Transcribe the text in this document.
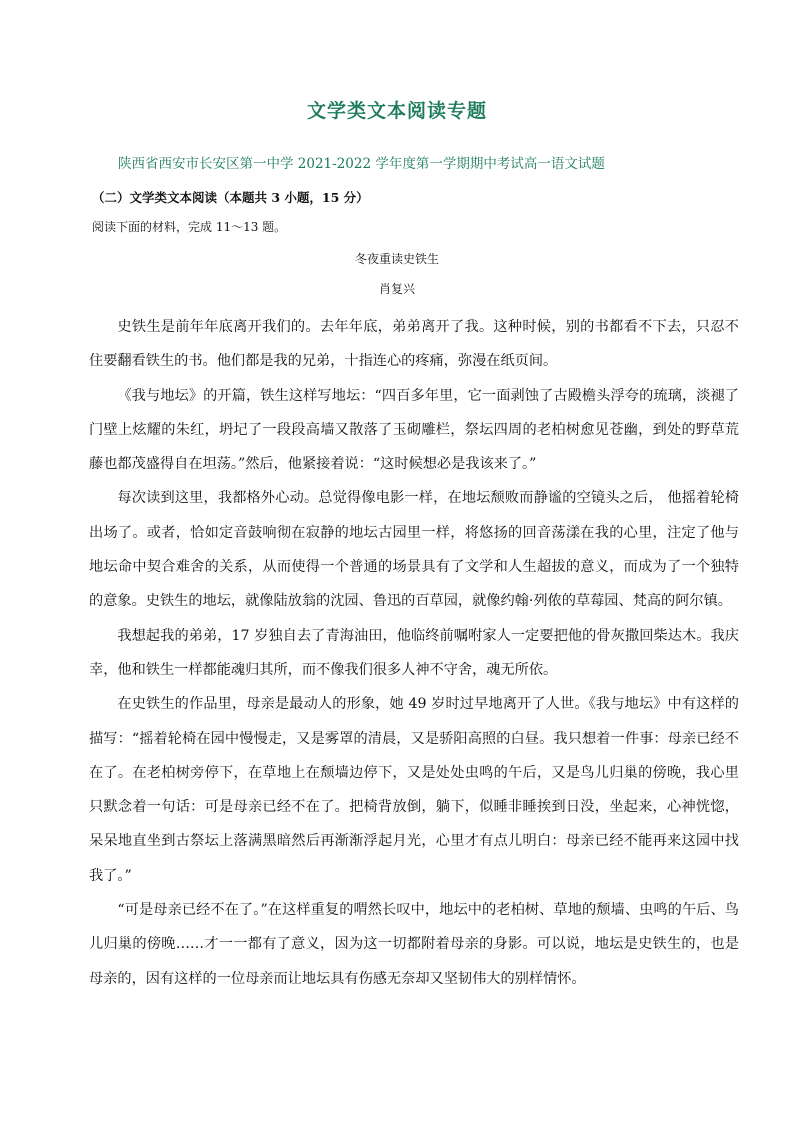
文学类文本阅读专题
陕西省西安市长安区第一中学 2021-2022 学年度第一学期期中考试高一语文试题
（二）文学类文本阅读（本题共 3 小题，15 分）
阅读下面的材料，完成 11～13 题。
冬夜重读史铁生
肖复兴

史铁生是前年年底离开我们的。去年年底，弟弟离开了我。这种时候，别的书都看不下去，只忍不住要翻看铁生的书。他们都是我的兄弟，十指连心的疼痛，弥漫在纸页间。

《我与地坛》的开篇，铁生这样写地坛：“四百多年里，它一面剥蚀了古殿檐头浮夸的琉璃，淡褪了门壁上炫耀的朱红，坍圮了一段段高墙又散落了玉砌雕栏，祭坛四周的老柏树愈见苍幽，到处的野草荒藤也都茂盛得自在坦荡。”然后，他紧接着说：“这时候想必是我该来了。”

每次读到这里，我都格外心动。总觉得像电影一样，在地坛颓败而静谧的空镜头之后， 他摇着轮椅出场了。或者，恰如定音鼓响彻在寂静的地坛古园里一样，将悠扬的回音荡漾在我的心里，注定了他与地坛命中契合难舍的关系，从而使得一个普通的场景具有了文学和人生超拔的意义，而成为了一个独特的意象。史铁生的地坛，就像陆放翁的沈园、鲁迅的百草园，就像约翰·列侬的草莓园、梵高的阿尔镇。

我想起我的弟弟，17 岁独自去了青海油田，他临终前嘱咐家人一定要把他的骨灰撒回柴达木。我庆幸，他和铁生一样都能魂归其所，而不像我们很多人神不守舍，魂无所依。

在史铁生的作品里，母亲是最动人的形象，她 49 岁时过早地离开了人世。《我与地坛》中有这样的描写：“摇着轮椅在园中慢慢走，又是雾罩的清晨，又是骄阳高照的白昼。我只想着一件事：母亲已经不在了。在老柏树旁停下，在草地上在颓墙边停下，又是处处虫鸣的午后，又是鸟儿归巢的傍晚，我心里只默念着一句话：可是母亲已经不在了。把椅背放倒，躺下，似睡非睡挨到日没，坐起来，心神恍惚，呆呆地直坐到古祭坛上落满黑暗然后再渐渐浮起月光，心里才有点儿明白：母亲已经不能再来这园中找我了。”

“可是母亲已经不在了。”在这样重复的喟然长叹中，地坛中的老柏树、草地的颓墙、虫鸣的午后、鸟儿归巢的傍晚……才一一都有了意义，因为这一切都附着母亲的身影。可以说，地坛是史铁生的，也是母亲的，因有这样的一位母亲而让地坛具有伤感无奈却又坚韧伟大的别样情怀。
